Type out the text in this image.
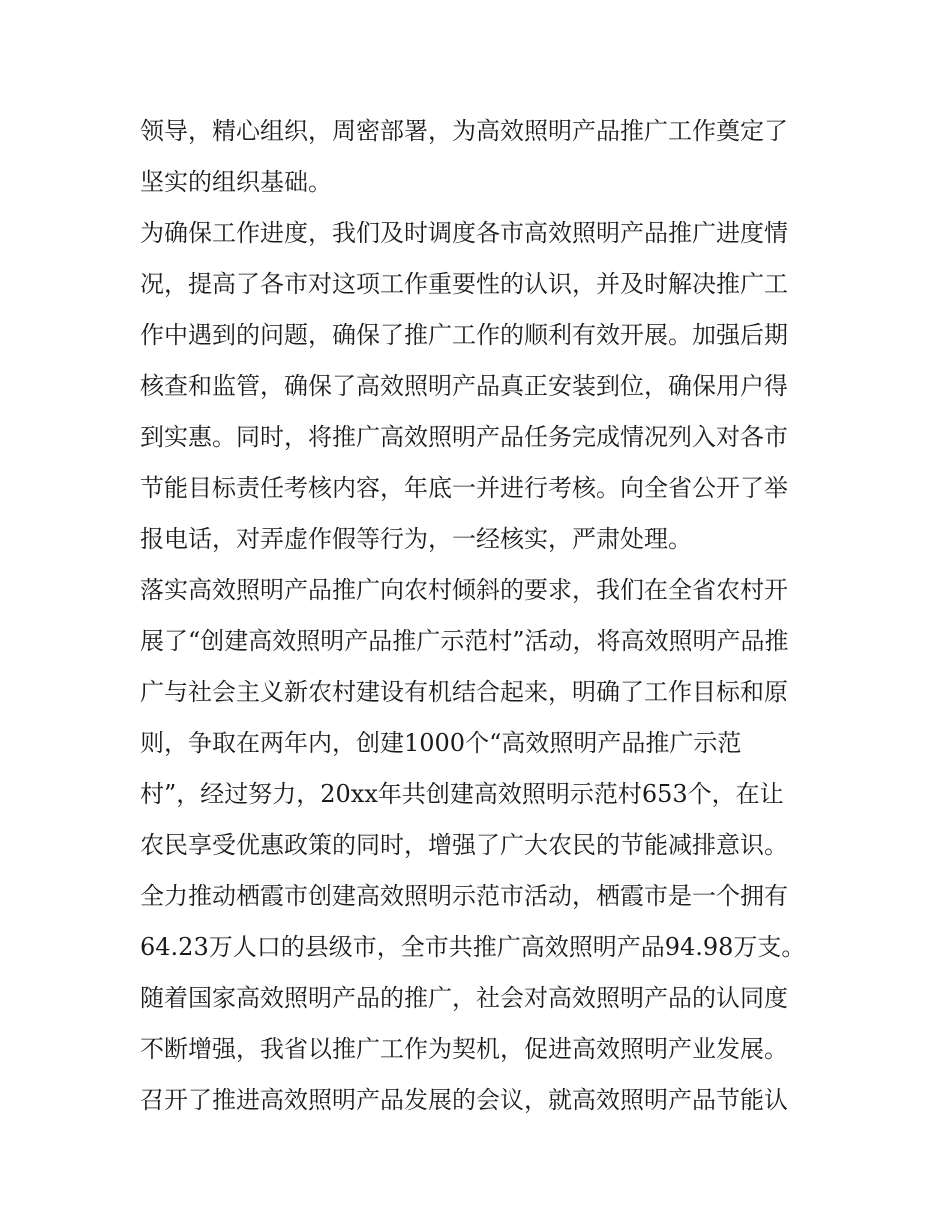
领导，精心组织，周密部署，为高效照明产品推广工作奠定了
坚实的组织基础。
为确保工作进度，我们及时调度各市高效照明产品推广进度情
况，提高了各市对这项工作重要性的认识，并及时解决推广工
作中遇到的问题，确保了推广工作的顺利有效开展。加强后期
核查和监管，确保了高效照明产品真正安装到位，确保用户得
到实惠。同时，将推广高效照明产品任务完成情况列入对各市
节能目标责任考核内容，年底一并进行考核。向全省公开了举
报电话，对弄虚作假等行为，一经核实，严肃处理。
落实高效照明产品推广向农村倾斜的要求，我们在全省农村开
展了“创建高效照明产品推广示范村”活动，将高效照明产品推
广与社会主义新农村建设有机结合起来，明确了工作目标和原
则，争取在两年内，创建1000个“高效照明产品推广示范
村”，经过努力，20xx年共创建高效照明示范村653个，在让
农民享受优惠政策的同时，增强了广大农民的节能减排意识。
全力推动栖霞市创建高效照明示范市活动，栖霞市是一个拥有
64.23万人口的县级市，全市共推广高效照明产品94.98万支。
随着国家高效照明产品的推广，社会对高效照明产品的认同度
不断增强，我省以推广工作为契机，促进高效照明产业发展。
召开了推进高效照明产品发展的会议，就高效照明产品节能认
